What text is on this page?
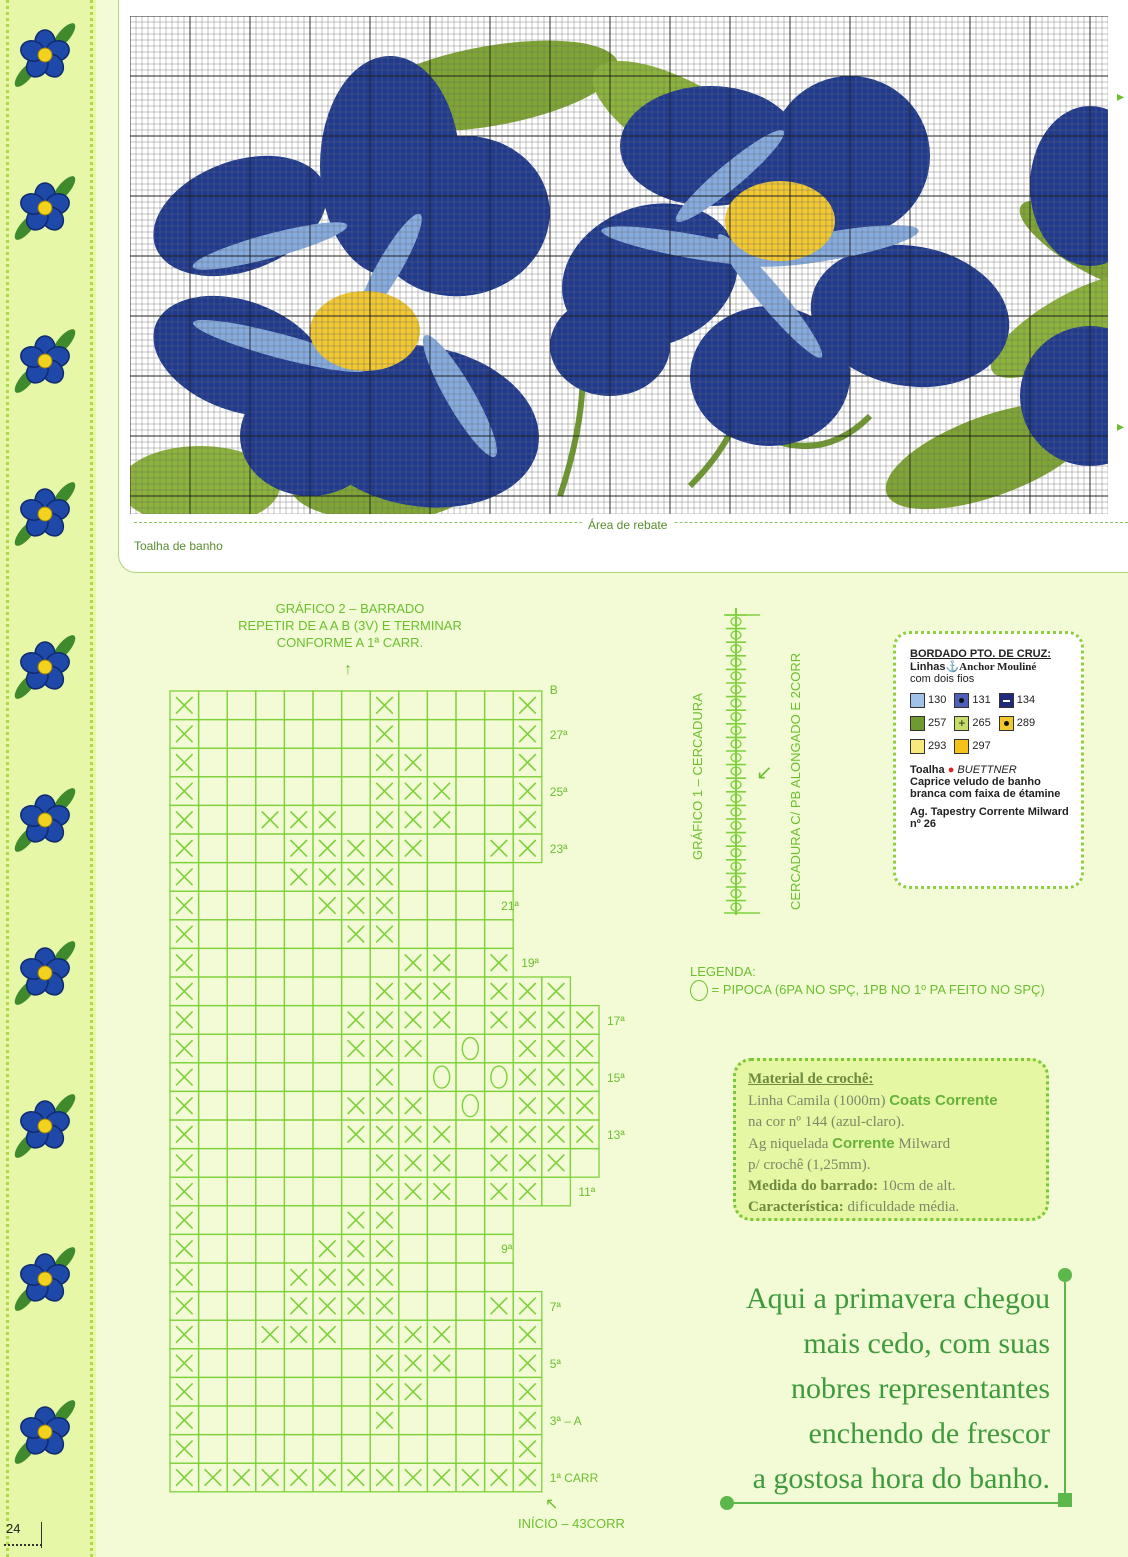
Área de rebate
Toalha de banho
▸
▸
GRÁFICO 2 – BARRADO
REPETIR DE A A B (3V) E TERMINAR
CONFORME A 1ª CARR.
↑
B
27ª
25ª
23ª
21ª
19ª
17ª
15ª
13ª
11ª
9ª
7ª
5ª
3ª – A
1ª CARR
↖
INÍCIO – 43CORR
GRÁFICO 1 – CERCADURA	CERCADURA C/ PB ALONGADO E 2CORR
↙
LEGENDA:
= PIPOCA (6PA NO SPÇ, 1PB NO 1º PA FEITO NO SPÇ)
BORDADO PTO. DE CRUZ:
Linhas⚓Anchor Mouliné
com dois fios
130 131 134
257 + 265 289
293 297
Toalha ● BUETTNER
Caprice veludo de banho branca com faixa de étamine
Ag. Tapestry Corrente Milward nº 26
Material de crochê:
Linha Camila (1000m) Coats Corrente
na cor nº 144 (azul-claro).
Ag niquelada Corrente Milward
p/ crochê (1,25mm).
Medida do barrado: 10cm de alt.
Característica: dificuldade média.
Aqui a primavera chegou
mais cedo, com suas
nobres representantes
enchendo de frescor
a gostosa hora do banho.
24
